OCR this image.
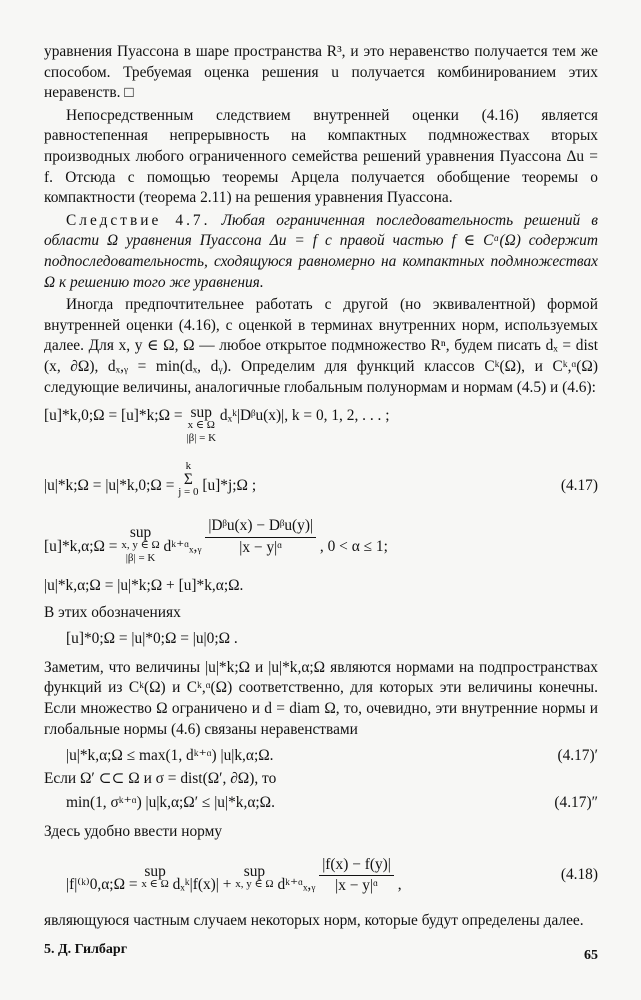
уравнения Пуассона в шаре пространства R³, и это неравенство получается тем же способом. Требуемая оценка решения u получается комбинированием этих неравенств. □

Непосредственным следствием внутренней оценки (4.16) является равностепенная непрерывность на компактных подмножествах вторых производных любого ограниченного семейства решений уравнения Пуассона Δu = f. Отсюда с помощью теоремы Арцела получается обобщение теоремы о компактности (теорема 2.11) на решения уравнения Пуассона.

Следствие 4.7. Любая ограниченная последовательность решений в области Ω уравнения Пуассона Δu = f с правой частью f ∈ Cᵅ(Ω) содержит подпоследовательность, сходящуюся равномерно на компактных подмножествах Ω к решению того же уравнения.

Иногда предпочтительнее работать с другой (но эквивалентной) формой внутренней оценки (4.16), с оценкой в терминах внутренних норм, используемых далее. Для x, y ∈ Ω, Ω — любое открытое подмножество Rⁿ, будем писать dₓ = dist (x, ∂Ω), dₓ,ᵧ = min(dₓ, dᵧ). Определим для функций классов Cᵏ(Ω), и Cᵏ,ᵅ(Ω) следующие величины, аналогичные глобальным полунормам и нормам (4.5) и (4.6):

[u]*k,0;Ω = [u]*k;Ω = sup
x ∈ Ω
|β| = K
dₓᵏ|Dᵝu(x)|, k = 0, 1, 2, . . . ;
|u|*k;Ω = |u|*k,0;Ω =
k
Σ
j = 0 [u]*j;Ω ;	(4.17)
[u]*k,α;Ω = sup
x, y ∈ Ω
|β| = K
dᵏ⁺ᵅₓ,ᵧ $\frac{\text{|Dᵝu(x) − Dᵝu(y)|}}{\text{|x − y|ᵅ}}$ , 0 < α ≤ 1;
|u|*k,α;Ω = |u|*k;Ω + [u]*k,α;Ω.

В этих обозначениях

[u]*0;Ω = |u|*0;Ω = |u|0;Ω .

Заметим, что величины |u|*k;Ω и |u|*k,α;Ω являются нормами на подпространствах функций из Cᵏ(Ω) и Cᵏ,ᵅ(Ω) соответственно, для которых эти величины конечны. Если множество Ω ограничено и d = diam Ω, то, очевидно, эти внутренние нормы и глобальные нормы (4.6) связаны неравенствами

|u|*k,α;Ω ≤ max(1, dᵏ⁺ᵅ) |u|k,α;Ω.	(4.17)′

Если Ω′ ⊂⊂ Ω и σ = dist(Ω′, ∂Ω), то

min(1, σᵏ⁺ᵅ) |u|k,α;Ω′ ≤ |u|*k,α;Ω.	(4.17)″

Здесь удобно ввести норму

|f|⁽ᵏ⁾0,α;Ω = sup
x ∈ Ω dₓᵏ|f(x)| + sup
x, y ∈ Ω dᵏ⁺ᵅₓ,ᵧ $\frac{|f(x) - f(y)|}{\text{|x − y|ᵅ}}$ ,
(4.18)

являющуюся частным случаем некоторых норм, которые будут определены далее.

5. Д. Гилбарг	65
